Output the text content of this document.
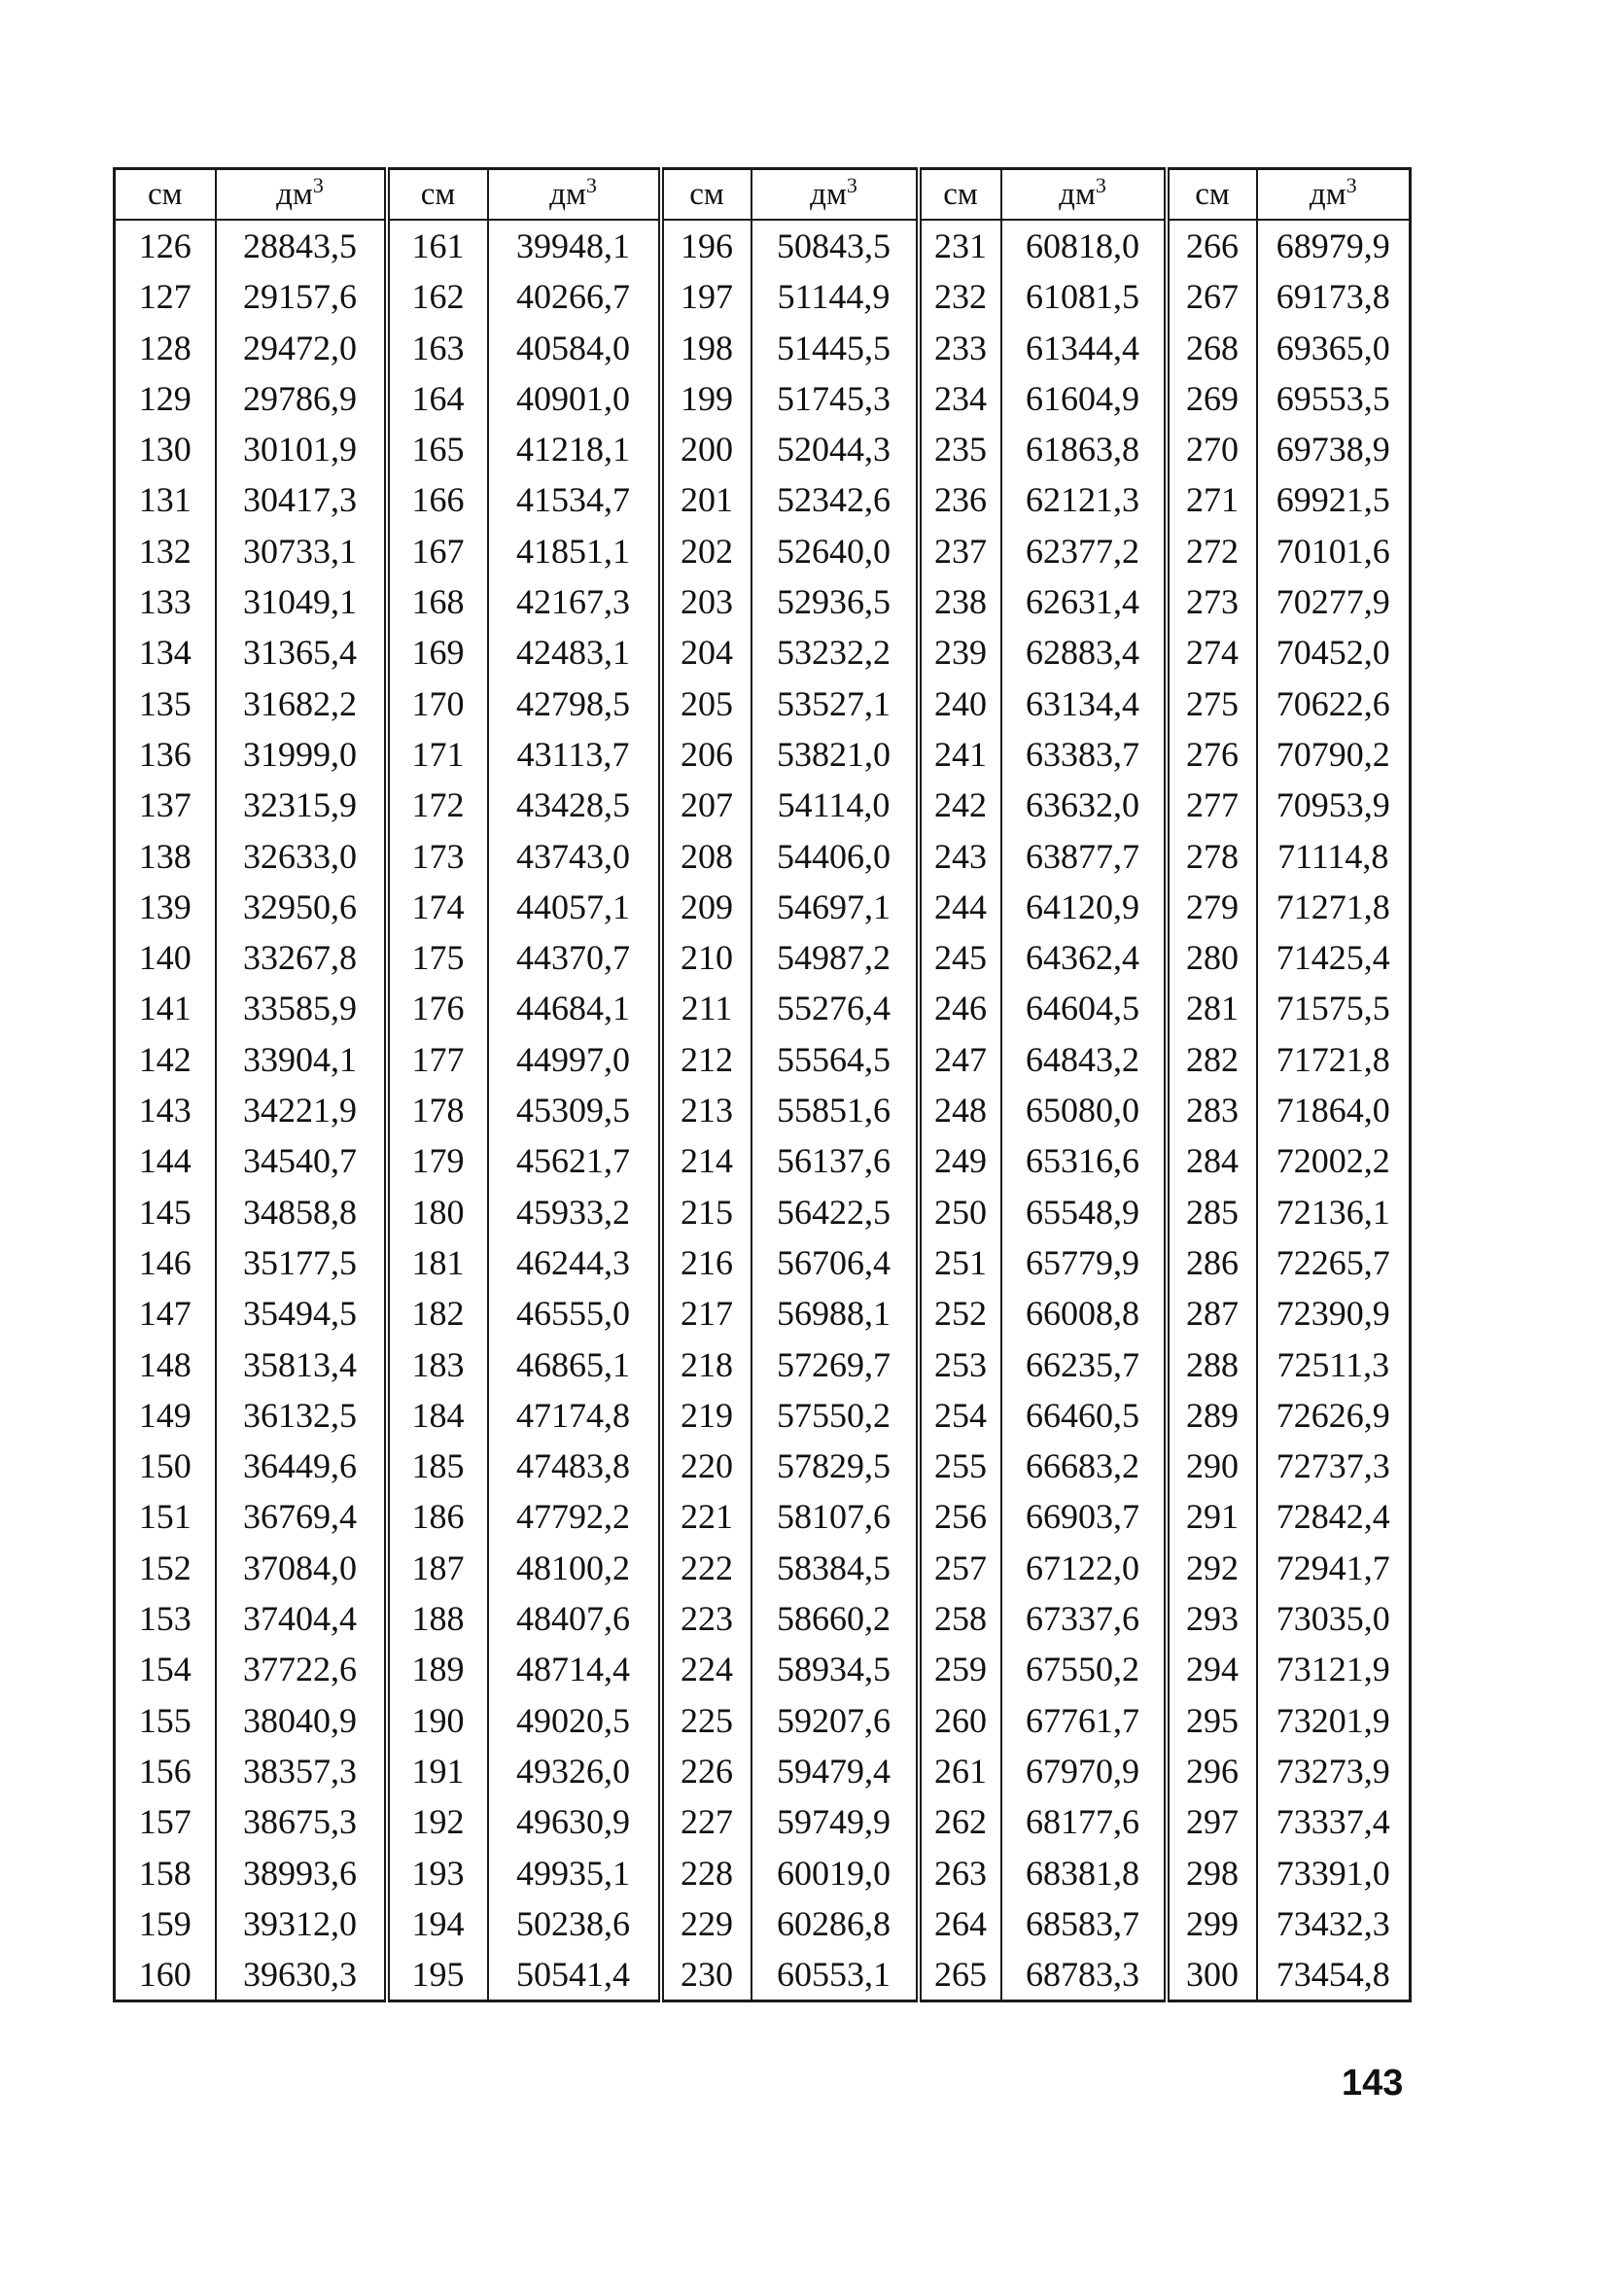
см	$дм^3$	см	$дм^3$	см	$дм^3$	см	$дм^3$	см	$дм^3$
126	28843,5	161	39948,1	196	50843,5	231	60818,0	266	68979,9
127	29157,6	162	40266,7	197	51144,9	232	61081,5	267	69173,8
128	29472,0	163	40584,0	198	51445,5	233	61344,4	268	69365,0
129	29786,9	164	40901,0	199	51745,3	234	61604,9	269	69553,5
130	30101,9	165	41218,1	200	52044,3	235	61863,8	270	69738,9
131	30417,3	166	41534,7	201	52342,6	236	62121,3	271	69921,5
132	30733,1	167	41851,1	202	52640,0	237	62377,2	272	70101,6
133	31049,1	168	42167,3	203	52936,5	238	62631,4	273	70277,9
134	31365,4	169	42483,1	204	53232,2	239	62883,4	274	70452,0
135	31682,2	170	42798,5	205	53527,1	240	63134,4	275	70622,6
136	31999,0	171	43113,7	206	53821,0	241	63383,7	276	70790,2
137	32315,9	172	43428,5	207	54114,0	242	63632,0	277	70953,9
138	32633,0	173	43743,0	208	54406,0	243	63877,7	278	71114,8
139	32950,6	174	44057,1	209	54697,1	244	64120,9	279	71271,8
140	33267,8	175	44370,7	210	54987,2	245	64362,4	280	71425,4
141	33585,9	176	44684,1	211	55276,4	246	64604,5	281	71575,5
142	33904,1	177	44997,0	212	55564,5	247	64843,2	282	71721,8
143	34221,9	178	45309,5	213	55851,6	248	65080,0	283	71864,0
144	34540,7	179	45621,7	214	56137,6	249	65316,6	284	72002,2
145	34858,8	180	45933,2	215	56422,5	250	65548,9	285	72136,1
146	35177,5	181	46244,3	216	56706,4	251	65779,9	286	72265,7
147	35494,5	182	46555,0	217	56988,1	252	66008,8	287	72390,9
148	35813,4	183	46865,1	218	57269,7	253	66235,7	288	72511,3
149	36132,5	184	47174,8	219	57550,2	254	66460,5	289	72626,9
150	36449,6	185	47483,8	220	57829,5	255	66683,2	290	72737,3
151	36769,4	186	47792,2	221	58107,6	256	66903,7	291	72842,4
152	37084,0	187	48100,2	222	58384,5	257	67122,0	292	72941,7
153	37404,4	188	48407,6	223	58660,2	258	67337,6	293	73035,0
154	37722,6	189	48714,4	224	58934,5	259	67550,2	294	73121,9
155	38040,9	190	49020,5	225	59207,6	260	67761,7	295	73201,9
156	38357,3	191	49326,0	226	59479,4	261	67970,9	296	73273,9
157	38675,3	192	49630,9	227	59749,9	262	68177,6	297	73337,4
158	38993,6	193	49935,1	228	60019,0	263	68381,8	298	73391,0
159	39312,0	194	50238,6	229	60286,8	264	68583,7	299	73432,3
160	39630,3	195	50541,4	230	60553,1	265	68783,3	300	73454,8
143
